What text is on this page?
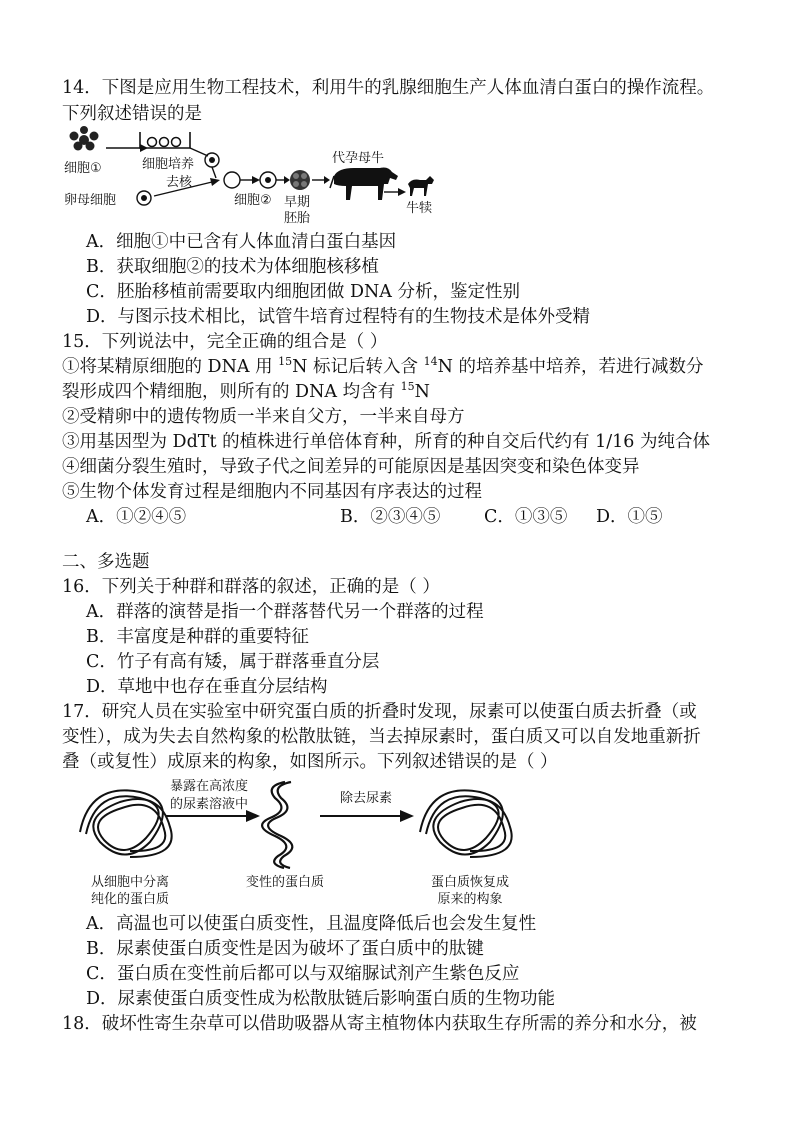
14．下图是应用生物工程技术，利用牛的乳腺细胞生产人体血清白蛋白的操作流程。
下列叙述错误的是
细胞①	细胞培养
卵母细胞
去核
细胞② 早期
胚胎
代孕母牛
牛犊
A．细胞①中已含有人体血清白蛋白基因
B．获取细胞②的技术为体细胞核移植
C．胚胎移植前需要取内细胞团做 DNA 分析，鉴定性别
D．与图示技术相比，试管牛培育过程特有的生物技术是体外受精
15．下列说法中，完全正确的组合是（ ）
①将某精原细胞的 DNA 用 $^{15}$N 标记后转入含 $^{14}$N 的培养基中培养，若进行减数分
裂形成四个精细胞，则所有的 DNA 均含有 $^{15}$N
②受精卵中的遗传物质一半来自父方，一半来自母方
③用基因型为 DdTt 的植株进行单倍体育种，所育的种自交后代约有 1/16 为纯合体
④细菌分裂生殖时，导致子代之间差异的可能原因是基因突变和染色体变异
⑤生物个体发育过程是细胞内不同基因有序表达的过程
A．①②④⑤	B．②③④⑤ C．①③⑤ D．①⑤
二、多选题
16．下列关于种群和群落的叙述，正确的是（ ）
A．群落的演替是指一个群落替代另一个群落的过程
B．丰富度是种群的重要特征
C．竹子有高有矮，属于群落垂直分层
D．草地中也存在垂直分层结构
17．研究人员在实验室中研究蛋白质的折叠时发现，尿素可以使蛋白质去折叠（或
变性），成为失去自然构象的松散肽链，当去掉尿素时，蛋白质又可以自发地重新折
叠（或复性）成原来的构象，如图所示。下列叙述错误的是（ ）
暴露在高浓度
的尿素溶液中	除去尿素
从细胞中分离
纯化的蛋白质
变性的蛋白质	蛋白质恢复成
原来的构象
A．高温也可以使蛋白质变性，且温度降低后也会发生复性
B．尿素使蛋白质变性是因为破坏了蛋白质中的肽键
C．蛋白质在变性前后都可以与双缩脲试剂产生紫色反应
D．尿素使蛋白质变性成为松散肽链后影响蛋白质的生物功能
18．破坏性寄生杂草可以借助吸器从寄主植物体内获取生存所需的养分和水分，被
